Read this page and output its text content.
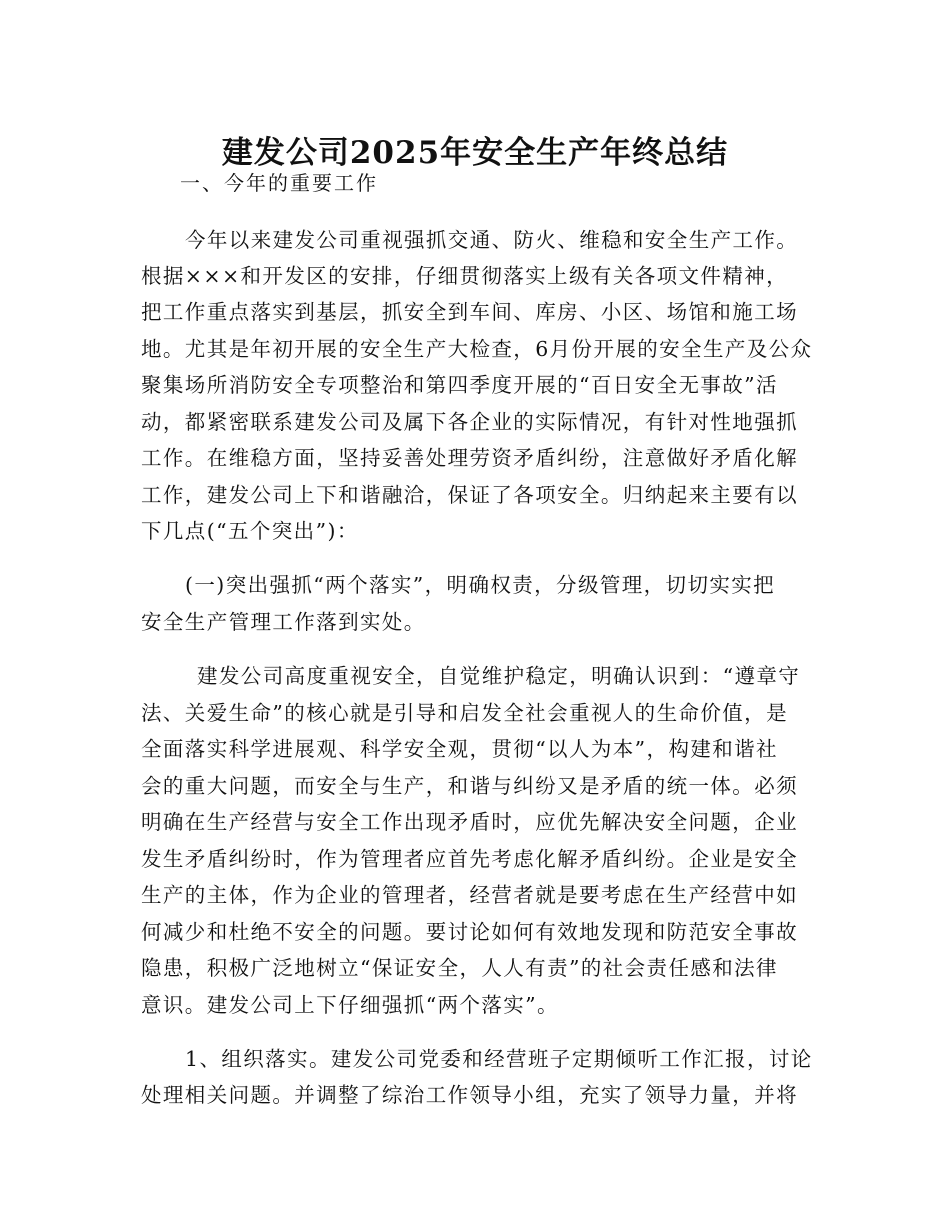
建发公司2025年安全生产年终总结
一、今年的重要工作
今年以来建发公司重视强抓交通、防火、维稳和安全生产工作。
根据×××和开发区的安排，仔细贯彻落实上级有关各项文件精神，
把工作重点落实到基层，抓安全到车间、库房、小区、场馆和施工场
地。尤其是年初开展的安全生产大检查，6月份开展的安全生产及公众
聚集场所消防安全专项整治和第四季度开展的“百日安全无事故”活
动，都紧密联系建发公司及属下各企业的实际情况，有针对性地强抓
工作。在维稳方面，坚持妥善处理劳资矛盾纠纷，注意做好矛盾化解
工作，建发公司上下和谐融洽，保证了各项安全。归纳起来主要有以
下几点(“五个突出”)：
(一)突出强抓“两个落实”，明确权责，分级管理，切切实实把
安全生产管理工作落到实处。
建发公司高度重视安全，自觉维护稳定，明确认识到：“遵章守
法、关爱生命”的核心就是引导和启发全社会重视人的生命价值，是
全面落实科学进展观、科学安全观，贯彻“以人为本”，构建和谐社
会的重大问题，而安全与生产，和谐与纠纷又是矛盾的统一体。必须
明确在生产经营与安全工作出现矛盾时，应优先解决安全问题，企业
发生矛盾纠纷时，作为管理者应首先考虑化解矛盾纠纷。企业是安全
生产的主体，作为企业的管理者，经营者就是要考虑在生产经营中如
何减少和杜绝不安全的问题。要讨论如何有效地发现和防范安全事故
隐患，积极广泛地树立“保证安全，人人有责”的社会责任感和法律
意识。建发公司上下仔细强抓“两个落实”。
1、组织落实。建发公司党委和经营班子定期倾听工作汇报，讨论
处理相关问题。并调整了综治工作领导小组，充实了领导力量，并将
